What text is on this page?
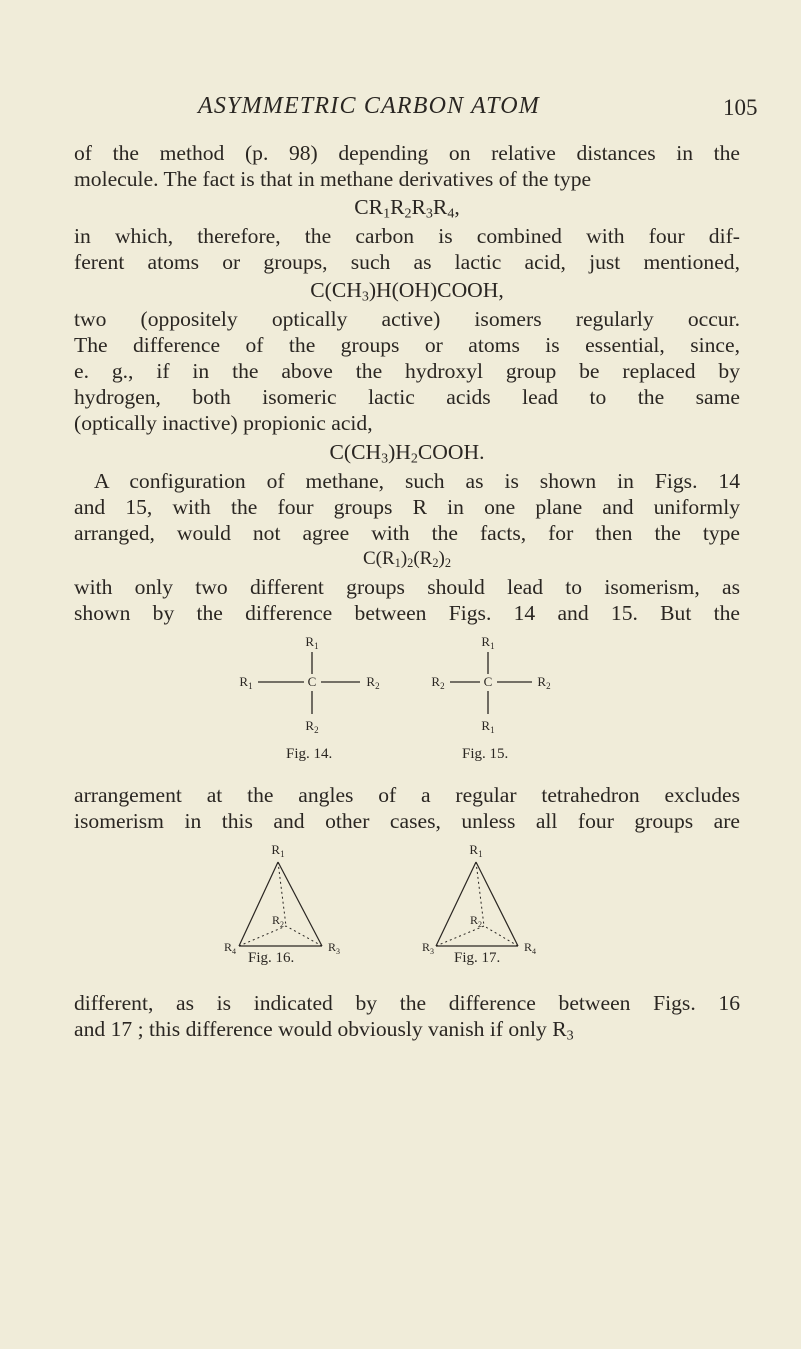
ASYMMETRIC CARBON ATOM	105
of the method (p. 98) depending on relative distances in the
molecule. The fact is that in methane derivatives of the type
$CR_1R_2R_3R_4$,
in which, therefore, the carbon is combined with four dif-
ferent atoms or groups, such as lactic acid, just mentioned,
$C(CH_3)H(OH)COOH$,
two (oppositely optically active) isomers regularly occur.
The difference of the groups or atoms is essential, since,
e. g., if in the above the hydroxyl group be replaced by
hydrogen, both isomeric lactic acids lead to the same
(optically inactive) propionic acid,
$C(CH_3)H_2COOH$.
A configuration of methane, such as is shown in Figs. 14
and 15, with the four groups R in one plane and uniformly
arranged, would not agree with the facts, for then the type
$C(R_1)_2(R_2)_2$
with only two different groups should lead to isomerism, as
shown by the difference between Figs. 14 and 15. But the
$R_1$
$R_1$	C	$R_2$
$R_2$
Fig. 14.
$R_1$
$R_2$	C	$R_2$
$R_1$
Fig. 15.
arrangement at the angles of a regular tetrahedron excludes
isomerism in this and other cases, unless all four groups are
$R_1$
$R_2$
$R_4$	$R_3$
Fig. 16.
$R_1$
$R_2$
$R_3$	$R_4$
Fig. 17.
different, as is indicated by the difference between Figs. 16
and 17 ; this difference would obviously vanish if only $R_3$
